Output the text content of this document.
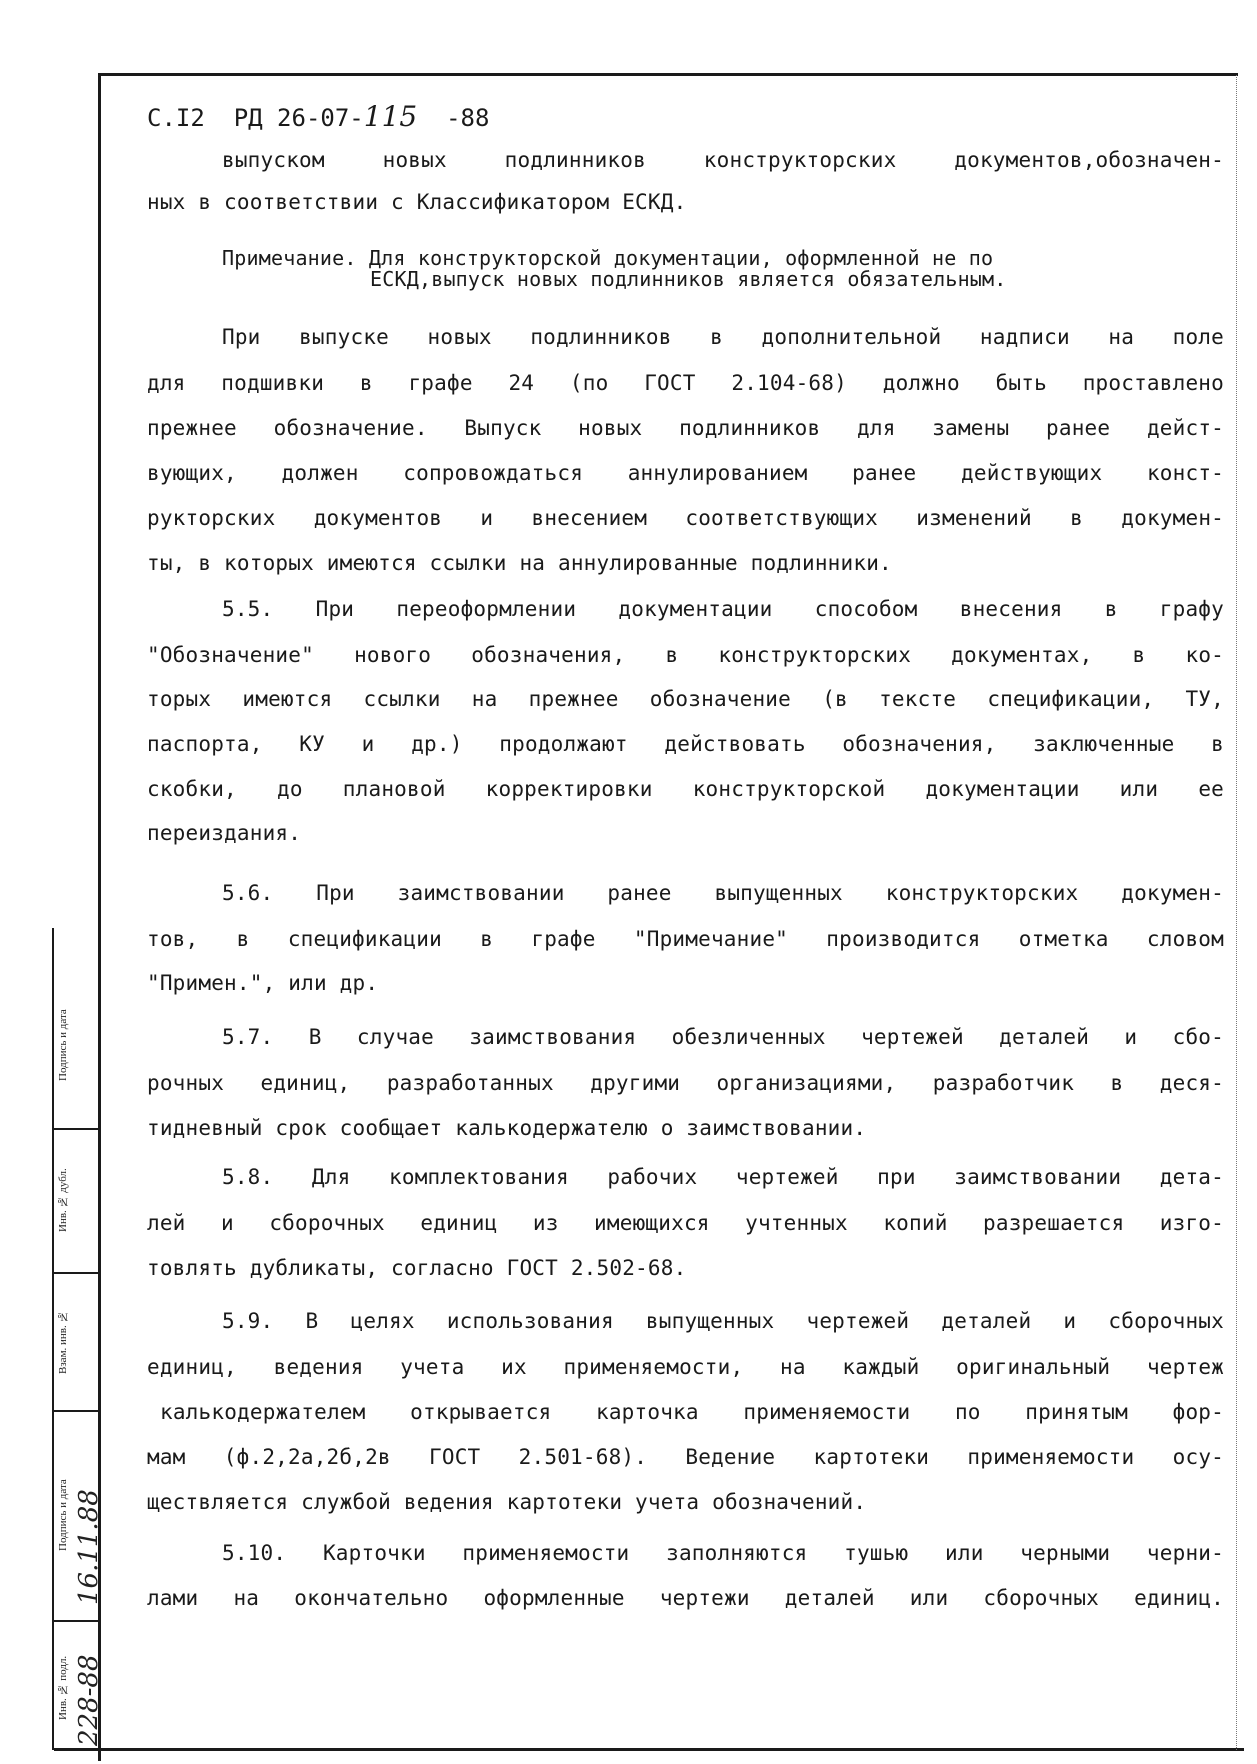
Подпись и дата
Инв. № дубл.
Взам. инв. №
Подпись и дата 16.11.88
Инв. № подл. 228-88
С.I2 РД 26-07-115 -88
выпуском новых подлинников конструкторских документов,обозначен-
ных в соответствии с Классификатором ЕСКД.
Примечание. Для конструкторской документации, оформленной не по
ЕСКД,выпуск новых подлинников является обязательным.
При выпуске новых подлинников в дополнительной надписи на поле
для подшивки в графе 24 (по ГОСТ 2.104-68) должно быть проставлено
прежнее обозначение. Выпуск новых подлинников для замены ранее дейст-
вующих, должен сопровождаться аннулированием ранее действующих конст-
рукторских документов и внесением соответствующих изменений в докумен-
ты, в которых имеются ссылки на аннулированные подлинники.
5.5. При переоформлении документации способом внесения в графу
"Обозначение" нового обозначения, в конструкторских документах, в ко-
торых имеются ссылки на прежнее обозначение (в тексте спецификации, ТУ,
паспорта, КУ и др.) продолжают действовать обозначения, заключенные в
скобки, до плановой корректировки конструкторской документации или ее
переиздания.
5.6. При заимствовании ранее выпущенных конструкторских докумен-
тов, в спецификации в графе "Примечание" производится отметка словом
"Примен.", или др.
5.7. В случае заимствования обезличенных чертежей деталей и сбо-
рочных единиц, разработанных другими организациями, разработчик в деся-
тидневный срок сообщает калькодержателю о заимствовании.
5.8. Для комплектования рабочих чертежей при заимствовании дета-
лей и сборочных единиц из имеющихся учтенных копий разрешается изго-
товлять дубликаты, согласно ГОСТ 2.502-68.
5.9. В целях использования выпущенных чертежей деталей и сборочных
единиц, ведения учета их применяемости, на каждый оригинальный чертеж
калькодержателем открывается карточка применяемости по принятым фор-
мам (ф.2,2а,2б,2в ГОСТ 2.501-68). Ведение картотеки применяемости осу-
ществляется службой ведения картотеки учета обозначений.
5.10. Карточки применяемости заполняются тушью или черными черни-
лами на окончательно оформленные чертежи деталей или сборочных единиц.
